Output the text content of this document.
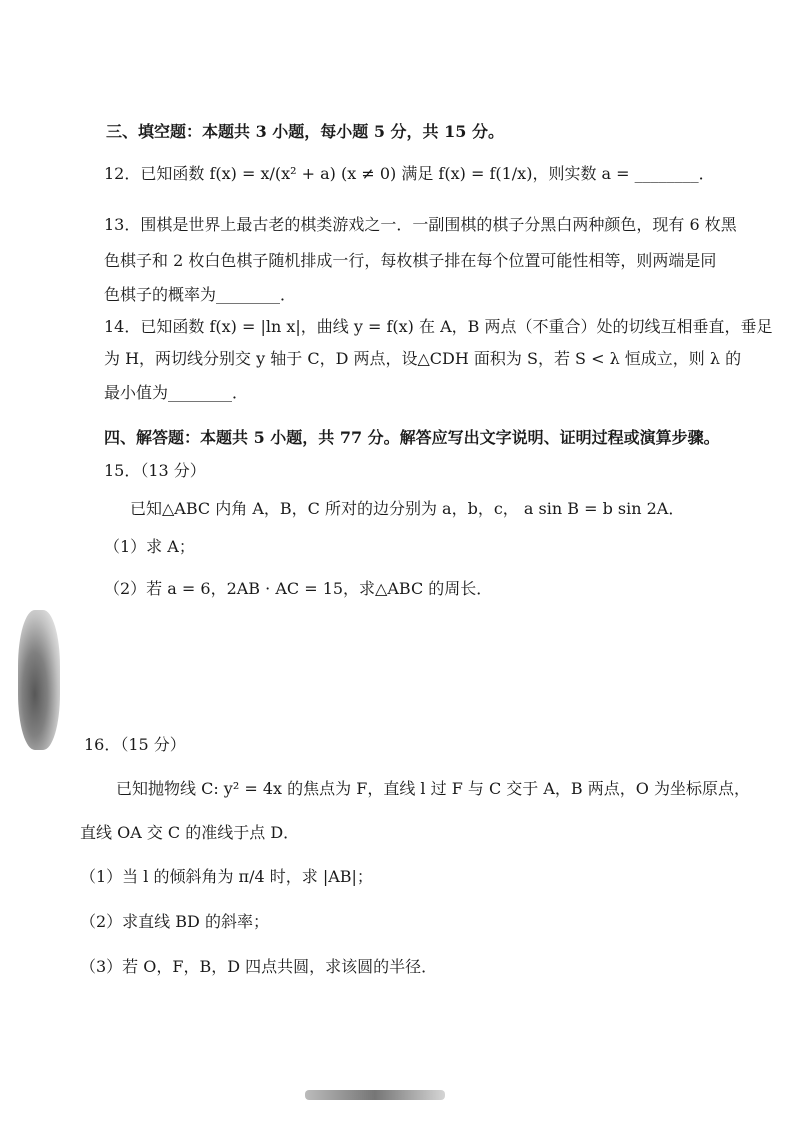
三、填空题：本题共 3 小题，每小题 5 分，共 15 分。
12．已知函数 f(x) = x/(x² + a) (x ≠ 0) 满足 f(x) = f(1/x)，则实数 a = ________．
13．围棋是世界上最古老的棋类游戏之一．一副围棋的棋子分黑白两种颜色，现有 6 枚黑
色棋子和 2 枚白色棋子随机排成一行，每枚棋子排在每个位置可能性相等，则两端是同
色棋子的概率为________．
14．已知函数 f(x) = |ln x|，曲线 y = f(x) 在 A，B 两点（不重合）处的切线互相垂直，垂足
为 H，两切线分别交 y 轴于 C，D 两点，设△CDH 面积为 S，若 S < λ 恒成立，则 λ 的
最小值为________．
四、解答题：本题共 5 小题，共 77 分。解答应写出文字说明、证明过程或演算步骤。
15．（13 分）
已知△ABC 内角 A，B，C 所对的边分别为 a，b，c， a sin B = b sin 2A．
（1）求 A；
（2）若 a = 6，2AB · AC = 15，求△ABC 的周长．
16．（15 分）
已知抛物线 C: y² = 4x 的焦点为 F，直线 l 过 F 与 C 交于 A，B 两点，O 为坐标原点，
直线 OA 交 C 的准线于点 D．
（1）当 l 的倾斜角为 π/4 时，求 |AB|；
（2）求直线 BD 的斜率；
（3）若 O，F，B，D 四点共圆，求该圆的半径．
